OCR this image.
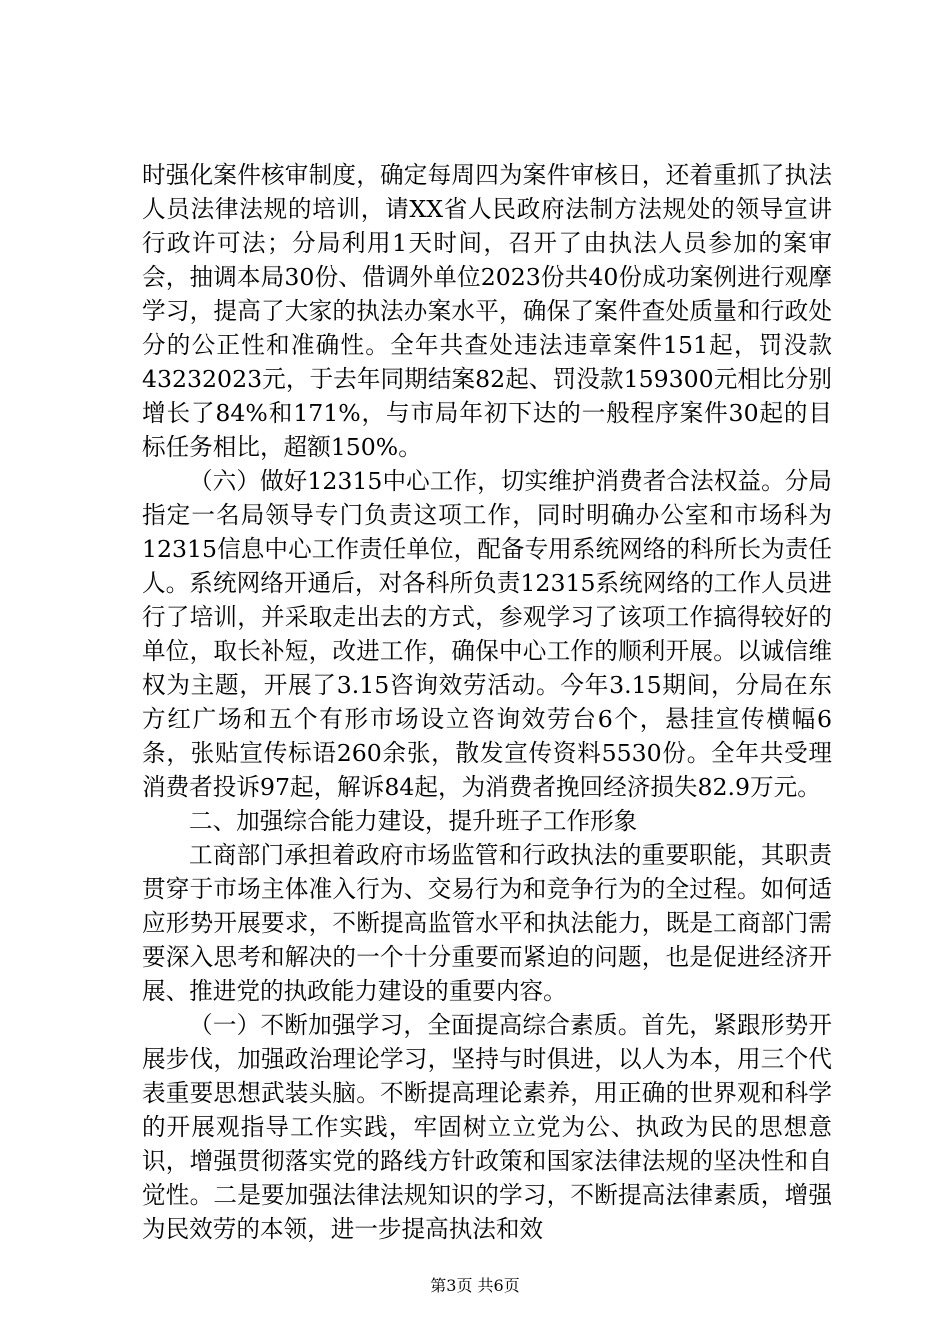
时强化案件核审制度，确定每周四为案件审核日，还着重抓了执法人员法律法规的培训，请XX省人民政府法制方法规处的领导宣讲行政许可法；分局利用1天时间，召开了由执法人员参加的案审会，抽调本局30份、借调外单位2023份共40份成功案例进行观摩学习，提高了大家的执法办案水平，确保了案件查处质量和行政处分的公正性和准确性。全年共查处违法违章案件151起，罚没款43232023元，于去年同期结案82起、罚没款159300元相比分别增长了84%和171%，与市局年初下达的一般程序案件30起的目标任务相比，超额150%。

（六）做好12315中心工作，切实维护消费者合法权益。分局指定一名局领导专门负责这项工作，同时明确办公室和市场科为12315信息中心工作责任单位，配备专用系统网络的科所长为责任人。系统网络开通后，对各科所负责12315系统网络的工作人员进行了培训，并采取走出去的方式，参观学习了该项工作搞得较好的单位，取长补短，改进工作，确保中心工作的顺利开展。以诚信维权为主题，开展了3.15咨询效劳活动。今年3.15期间，分局在东方红广场和五个有形市场设立咨询效劳台6个，悬挂宣传横幅6条，张贴宣传标语260余张，散发宣传资料5530份。全年共受理消费者投诉97起，解诉84起，为消费者挽回经济损失82.9万元。

二、加强综合能力建设，提升班子工作形象

工商部门承担着政府市场监管和行政执法的重要职能，其职责贯穿于市场主体准入行为、交易行为和竞争行为的全过程。如何适应形势开展要求，不断提高监管水平和执法能力，既是工商部门需要深入思考和解决的一个十分重要而紧迫的问题，也是促进经济开展、推进党的执政能力建设的重要内容。

（一）不断加强学习，全面提高综合素质。首先，紧跟形势开展步伐，加强政治理论学习，坚持与时俱进，以人为本，用三个代表重要思想武装头脑。不断提高理论素养，用正确的世界观和科学的开展观指导工作实践，牢固树立立党为公、执政为民的思想意识，增强贯彻落实党的路线方针政策和国家法律法规的坚决性和自觉性。二是要加强法律法规知识的学习，不断提高法律素质，增强为民效劳的本领，进一步提高执法和效

第3页 共6页
